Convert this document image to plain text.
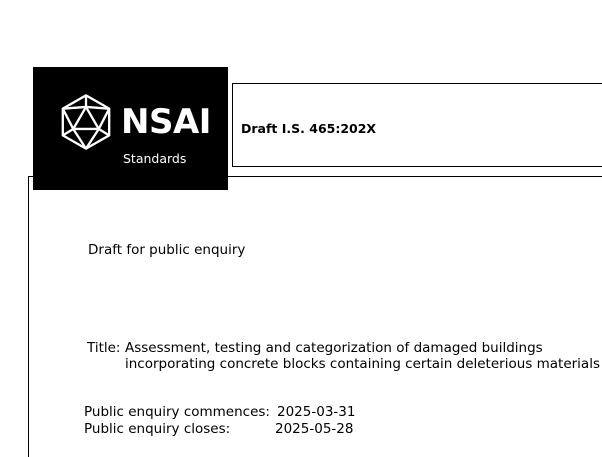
NSAI
Standards
Draft I.S. 465:202X
Draft for public enquiry
Title: Assessment, testing and categorization of damaged buildings
incorporating concrete blocks containing certain deleterious materials
Public enquiry commences: 2025-03-31
Public enquiry closes:	2025-05-28
